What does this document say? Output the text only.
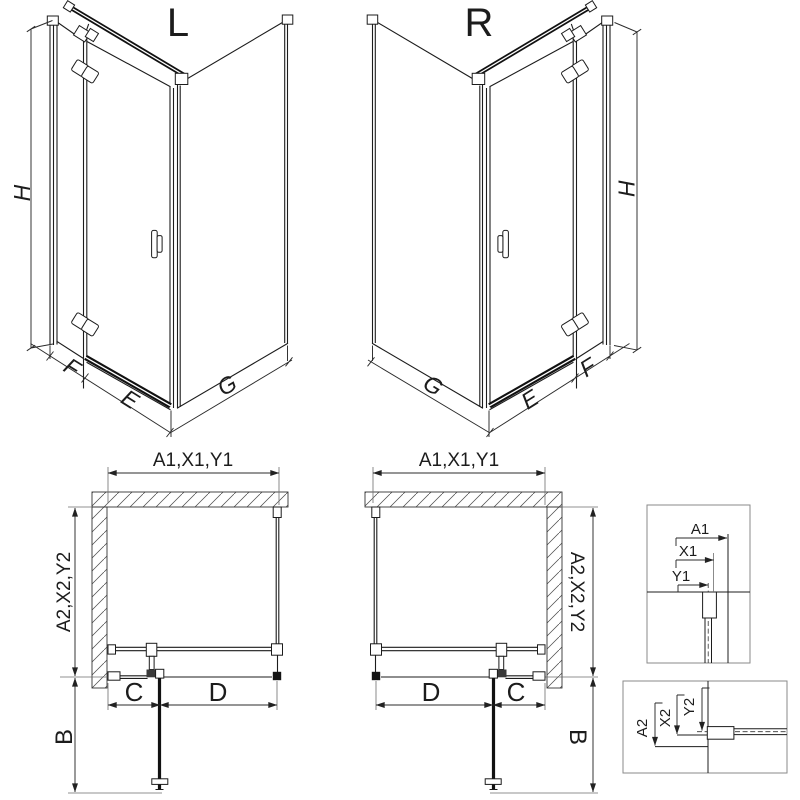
L
H
F
E	G
R
H
F
E
G
A1,X1,Y1
A2,X2,Y2
B
C	D
A1,X1,Y1
A2,X2,Y2
B
D	C
A1
X1
Y1
A2
X2
Y2
